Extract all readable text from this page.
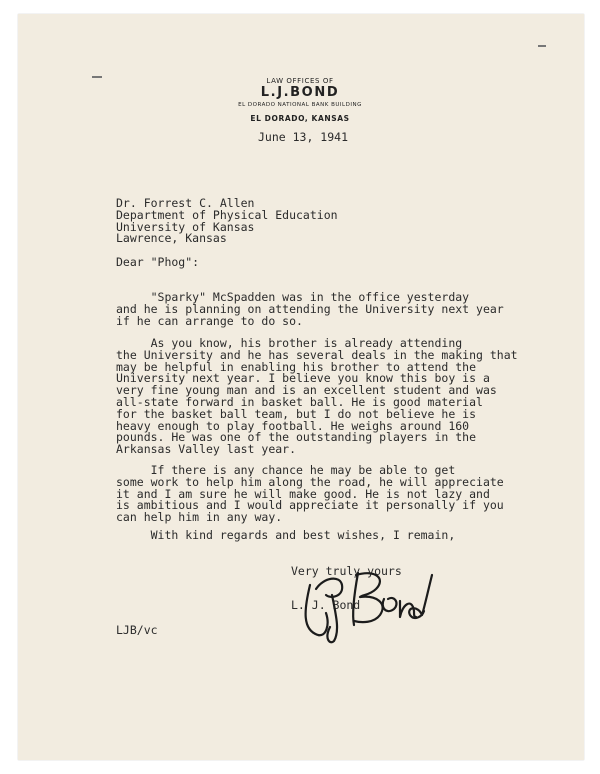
LAW OFFICES OF
L.J.BOND
EL DORADO NATIONAL BANK BUILDING
EL DORADO, KANSAS
June 13, 1941
Dr. Forrest C. Allen
Department of Physical Education
University of Kansas
Lawrence, Kansas
Dear "Phog":
"Sparky" McSpadden was in the office yesterday
and he is planning on attending the University next year
if he can arrange to do so.
As you know, his brother is already attending
the University and he has several deals in the making that
may be helpful in enabling his brother to attend the
University next year. I believe you know this boy is a
very fine young man and is an excellent student and was
all-state forward in basket ball. He is good material
for the basket ball team, but I do not believe he is
heavy enough to play football. He weighs around 160
pounds. He was one of the outstanding players in the
Arkansas Valley last year.
If there is any chance he may be able to get
some work to help him along the road, he will appreciate
it and I am sure he will make good. He is not lazy and
is ambitious and I would appreciate it personally if you
can help him in any way.
With kind regards and best wishes, I remain,
Very truly yours
L. J. Bond
LJB/vc
